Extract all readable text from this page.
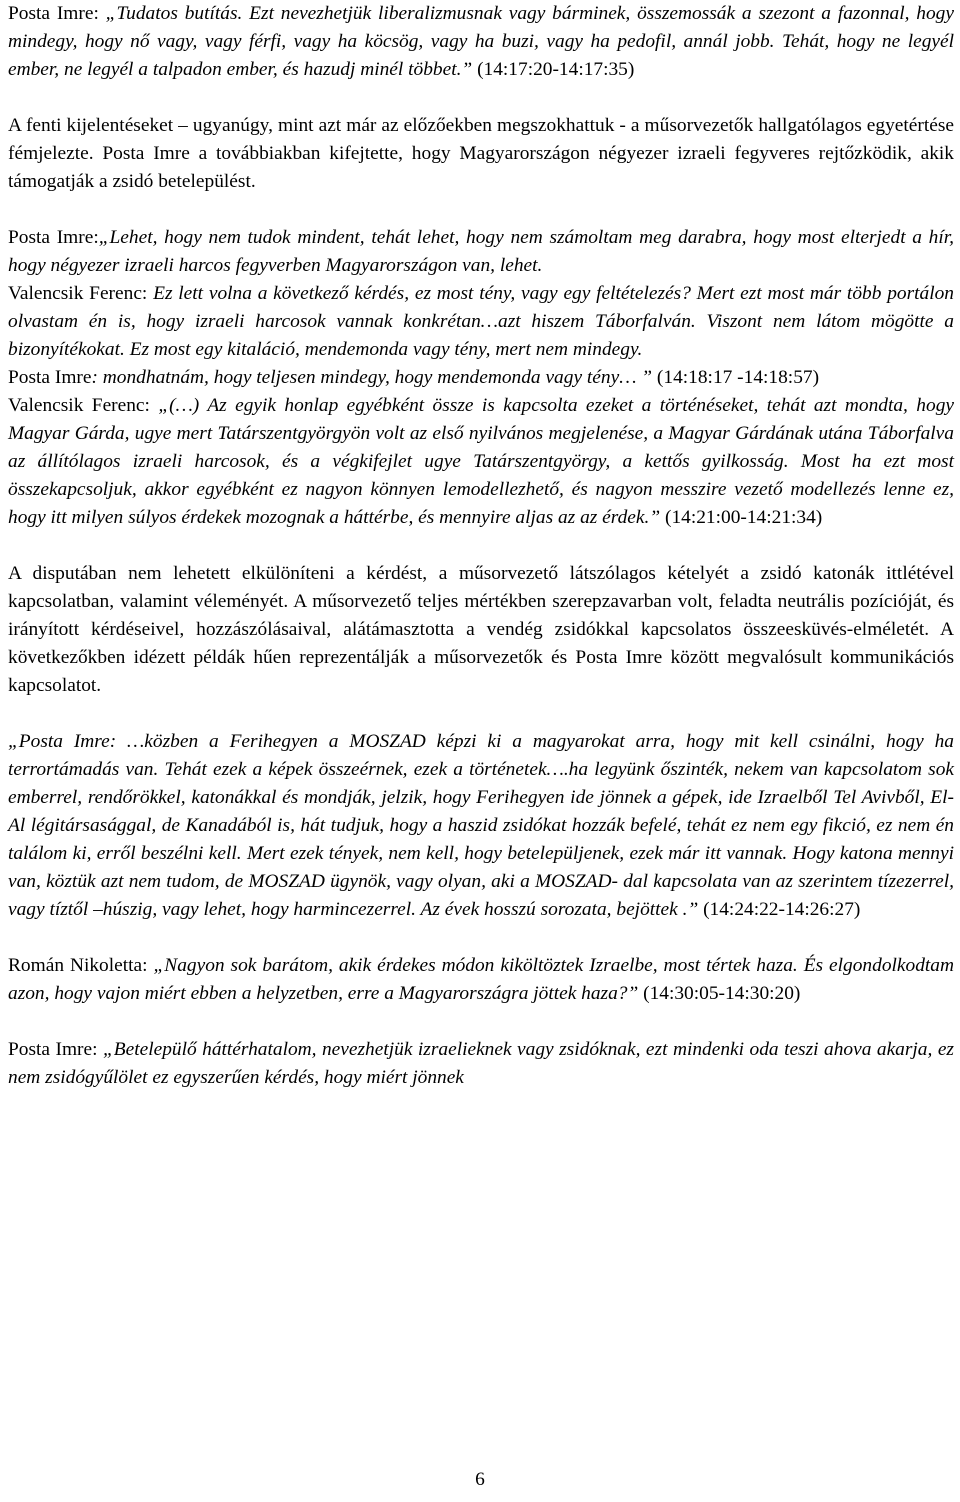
Posta Imre: „Tudatos butítás. Ezt nevezhetjük liberalizmusnak vagy bárminek, összemossák a szezont a fazonnal, hogy mindegy, hogy nő vagy, vagy férfi, vagy ha köcsög, vagy ha buzi, vagy ha pedofil, annál jobb. Tehát, hogy ne legyél ember, ne legyél a talpadon ember, és hazudj minél többet.” (14:17:20-14:17:35)

A fenti kijelentéseket – ugyanúgy, mint azt már az előzőekben megszokhattuk - a műsorvezetők hallgatólagos egyetértése fémjelezte. Posta Imre a továbbiakban kifejtette, hogy Magyarországon négyezer izraeli fegyveres rejtőzködik, akik támogatják a zsidó betelepülést.

Posta Imre:„Lehet, hogy nem tudok mindent, tehát lehet, hogy nem számoltam meg darabra, hogy most elterjedt a hír, hogy négyezer izraeli harcos fegyverben Magyarországon van, lehet.

Valencsik Ferenc: Ez lett volna a következő kérdés, ez most tény, vagy egy feltételezés? Mert ezt most már több portálon olvastam én is, hogy izraeli harcosok vannak konkrétan…azt hiszem Táborfalván. Viszont nem látom mögötte a bizonyítékokat. Ez most egy kitaláció, mendemonda vagy tény, mert nem mindegy.

Posta Imre: mondhatnám, hogy teljesen mindegy, hogy mendemonda vagy tény… ” (14:18:17 -14:18:57)

Valencsik Ferenc: „(…) Az egyik honlap egyébként össze is kapcsolta ezeket a történéseket, tehát azt mondta, hogy Magyar Gárda, ugye mert Tatárszentgyörgyön volt az első nyilvános megjelenése, a Magyar Gárdának utána Táborfalva az állítólagos izraeli harcosok, és a végkifejlet ugye Tatárszentgyörgy, a kettős gyilkosság. Most ha ezt most összekapcsoljuk, akkor egyébként ez nagyon könnyen lemodellezhető, és nagyon messzire vezető modellezés lenne ez, hogy itt milyen súlyos érdekek mozognak a háttérbe, és mennyire aljas az az érdek.” (14:21:00-14:21:34)

A disputában nem lehetett elkülöníteni a kérdést, a műsorvezető látszólagos kételyét a zsidó katonák ittlétével kapcsolatban, valamint véleményét. A műsorvezető teljes mértékben szerepzavarban volt, feladta neutrális pozícióját, és irányított kérdéseivel, hozzászólásaival, alátámasztotta a vendég zsidókkal kapcsolatos összeesküvés-elméletét. A következőkben idézett példák hűen reprezentálják a műsorvezetők és Posta Imre között megvalósult kommunikációs kapcsolatot.

„Posta Imre: …közben a Ferihegyen a MOSZAD képzi ki a magyarokat arra, hogy mit kell csinálni, hogy ha terrortámadás van. Tehát ezek a képek összeérnek, ezek a történetek….ha legyünk őszinték, nekem van kapcsolatom sok emberrel, rendőrökkel, katonákkal és mondják, jelzik, hogy Ferihegyen ide jönnek a gépek, ide Izraelből Tel Avivből, El-Al légitársasággal, de Kanadából is, hát tudjuk, hogy a haszid zsidókat hozzák befelé, tehát ez nem egy fikció, ez nem én találom ki, erről beszélni kell. Mert ezek tények, nem kell, hogy betelepüljenek, ezek már itt vannak. Hogy katona mennyi van, köztük azt nem tudom, de MOSZAD ügynök, vagy olyan, aki a MOSZAD- dal kapcsolata van az szerintem tízezerrel, vagy tíztől –húszig, vagy lehet, hogy harmincezerrel. Az évek hosszú sorozata, bejöttek .” (14:24:22-14:26:27)

Román Nikoletta: „Nagyon sok barátom, akik érdekes módon kiköltöztek Izraelbe, most tértek haza. És elgondolkodtam azon, hogy vajon miért ebben a helyzetben, erre a Magyarországra jöttek haza?” (14:30:05-14:30:20)

Posta Imre: „Betelepülő háttérhatalom, nevezhetjük izraelieknek vagy zsidóknak, ezt mindenki oda teszi ahova akarja, ez nem zsidógyűlölet ez egyszerűen kérdés, hogy miért jönnek

6
